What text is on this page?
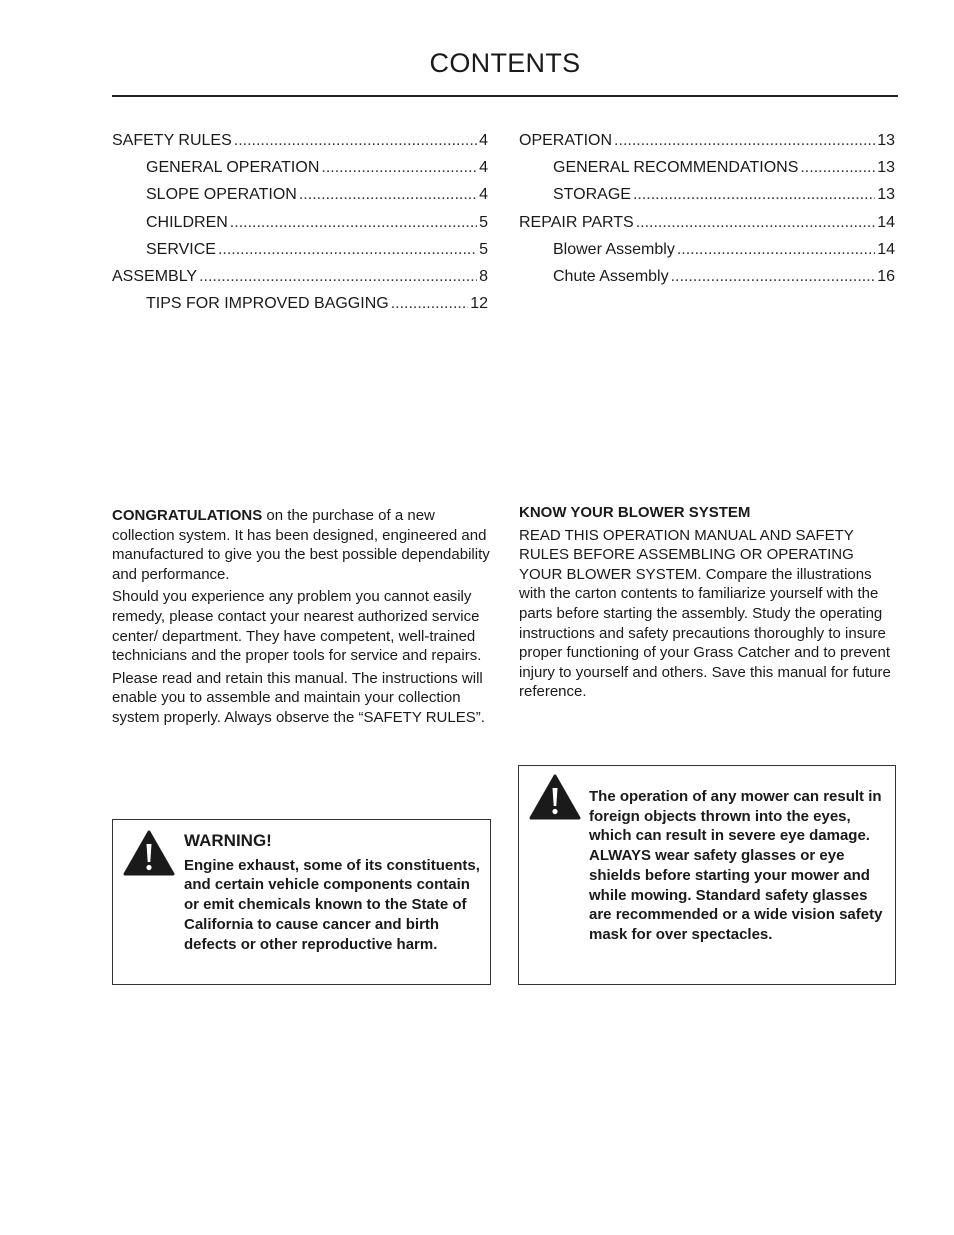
CONTENTS
SAFETY RULES .....	4
GENERAL OPERATION .....	4
SLOPE OPERATION .....	4
CHILDREN .....	5
SERVICE .....	5
ASSEMBLY .....	8
TIPS FOR IMPROVED BAGGING .....	12
OPERATION .....	13
GENERAL RECOMMENDATIONS .....	13
STORAGE .....	13
REPAIR PARTS .....	14
Blower Assembly .....	14
Chute Assembly .....	16

CONGRATULATIONS on the purchase of a new collection system. It has been designed, engineered and manufactured to give you the best possible dependability and performance.

Should you experience any problem you cannot easily remedy, please contact your nearest authorized service center/ department. They have competent, well-trained technicians and the proper tools for service and repairs.

Please read and retain this manual. The instructions will enable you to assemble and maintain your collection system properly. Always observe the “SAFETY RULES”.

KNOW YOUR BLOWER SYSTEM

READ THIS OPERATION MANUAL AND SAFETY RULES BEFORE ASSEMBLING OR OPERATING YOUR BLOWER SYSTEM. Compare the illustrations with the carton contents to familiarize yourself with the parts before starting the assembly. Study the operating instructions and safety precautions thoroughly to insure proper functioning of your Grass Catcher and to prevent injury to yourself and others. Save this manual for future reference.

WARNING!
Engine exhaust, some of its constituents, and certain vehicle components contain or emit chemicals known to the State of California to cause cancer and birth defects or other reproductive harm.
The operation of any mower can result in foreign objects thrown into the eyes, which can result in severe eye damage. ALWAYS wear safety glasses or eye shields before starting your mower and while mowing. Standard safety glasses are recommended or a wide vision safety mask for over spectacles.
